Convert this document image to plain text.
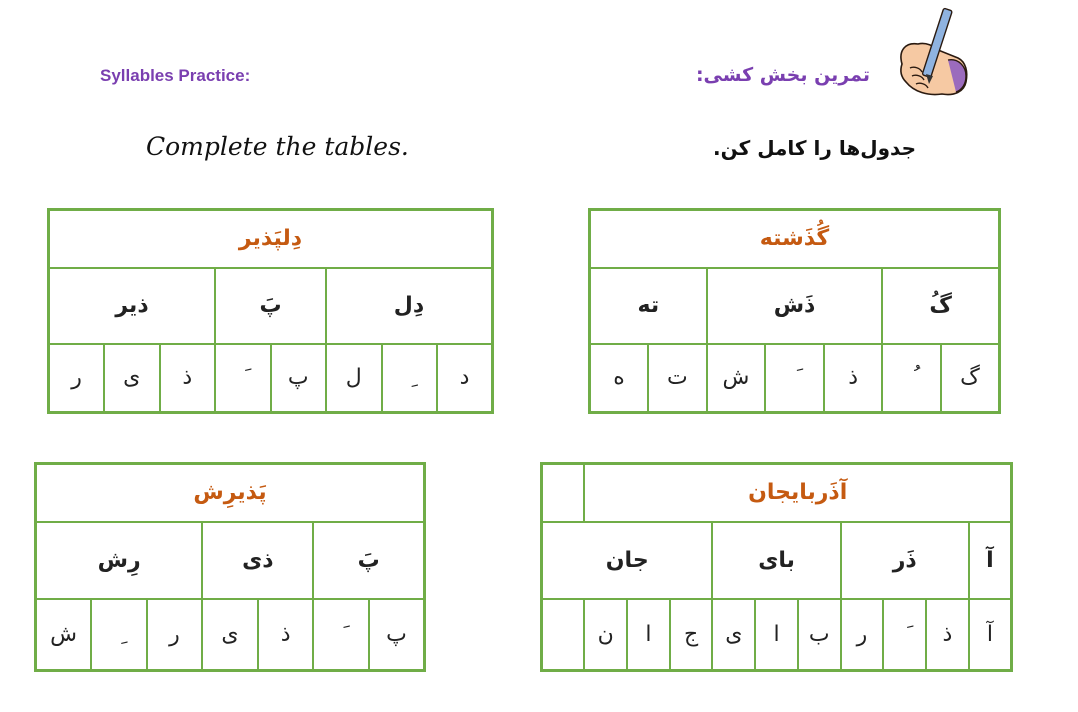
Syllables Practice:	تمرین بخش کشی:
Complete the tables.	جدول‌ها را کامل کن.
گُذَشته						
گُ		ذَش			ته	
گ		ذ		ش	ت	ه
دِلپَذیر							
دِل			پَ		ذیر		
د		ل	پ		ذ	ی	ر
آذَربایجان									
آ	ذَر			بای			جان		
آ	ذ		ر	ب	ا	ی	ج	ا	ن
پَذیرِش						
پَ		ذی		رِش		
پ		ذ	ی	ر		ش
